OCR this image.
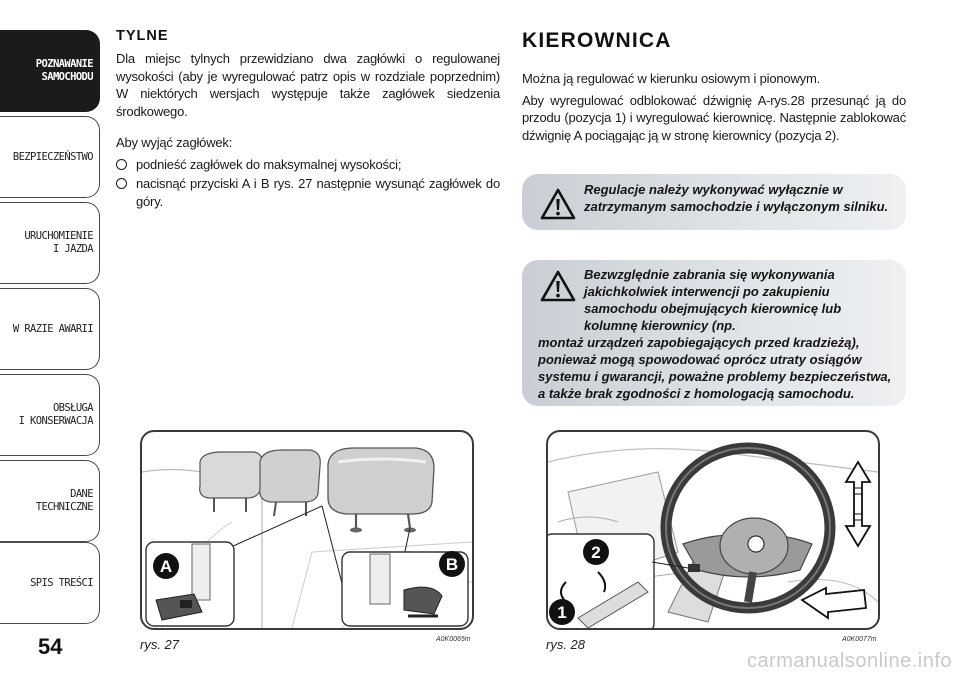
POZNAWANIE
SAMOCHODU
BEZPIECZEŃSTWO
URUCHOMIENIE
I JAZDA
W RAZIE AWARII
OBSŁUGA
I KONSERWACJA
DANE
TECHNICZNE
SPIS TREŚCI
54
TYLNE

Dla miejsc tylnych przewidziano dwa zagłówki o regulowanej wysokości (aby je wyregulować patrz opis w rozdziale poprzednim) W niektórych wersjach występuje także zagłówek siedzenia środkowego.

Aby wyjąć zagłówek:

podnieść zagłówek do maksymalnej wysokości;
nacisnąć przyciski A i B rys. 27 następnie wysunąć zagłówek do góry.
KIEROWNICA

Można ją regulować w kierunku osiowym i pionowym.

Aby wyregulować odblokować dźwignię A-rys.28 przesunąć ją do przodu (pozycja 1) i wyregulować kierownicę. Następnie zablokować dźwignię A pociągając ją w stronę kierownicy (pozycja 2).

Regulacje należy wykonywać wyłącznie w zatrzymanym samochodzie i wyłączonym silniku.
Bezwzględnie zabrania się wykonywania jakichkolwiek interwencji po zakupieniu samochodu obejmujących kierownicę lub kolumnę kierownicy (np.
montaż urządzeń zapobiegających przed kradzieżą), ponieważ mogą spowodować oprócz utraty osiągów systemu i gwarancji, poważne problemy bezpieczeństwa, a także brak zgodności z homologacją samochodu.
A	B
rys. 27	A0K0065m
2
1
rys. 28	A0K0077m
carmanualsonline.info
